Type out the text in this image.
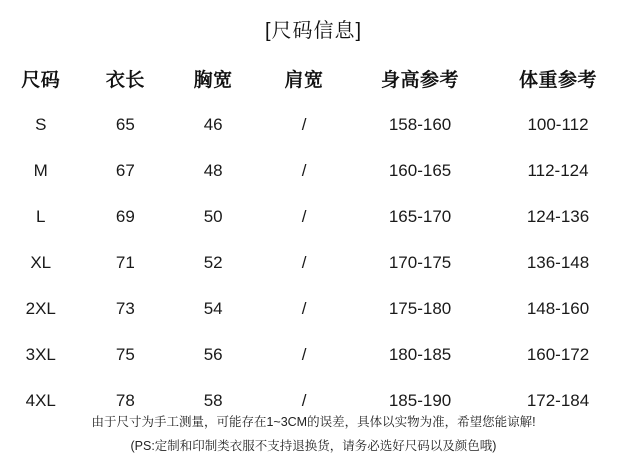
[尺码信息]
尺码	衣长	胸宽	肩宽	身高参考	体重参考
S	65	46	/	158-160	100-112
M	67	48	/	160-165	112-124
L	69	50	/	165-170	124-136
XL	71	52	/	170-175	136-148
2XL	73	54	/	175-180	148-160
3XL	75	56	/	180-185	160-172
4XL	78	58	/	185-190	172-184

由于尺寸为手工测量，可能存在1~3CM的误差，具体以实物为准，希望您能谅解!

(PS:定制和印制类衣服不支持退换货，请务必选好尺码以及颜色哦)
